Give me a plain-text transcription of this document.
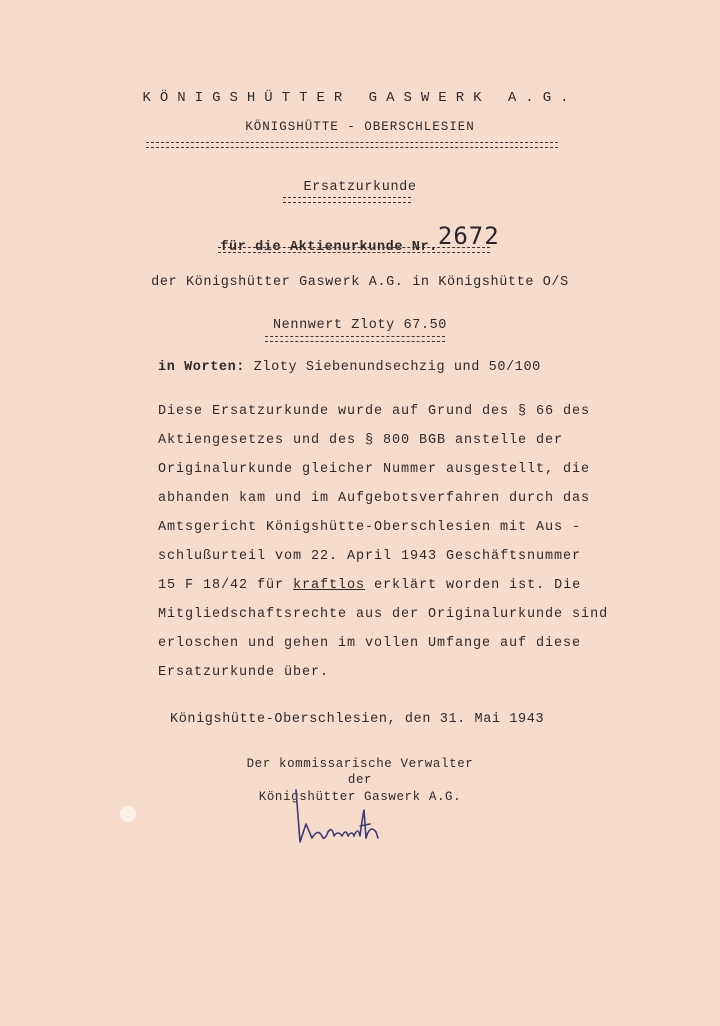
KÖNIGSHÜTTER GASWERK A.G.
KÖNIGSHÜTTE - OBERSCHLESIEN
Ersatzurkunde
für die Aktienurkunde Nr.2672
der Königshütter Gaswerk A.G. in Königshütte O/S
Nennwert Zloty 67.50
in Worten: Zloty Siebenundsechzig und 50/100
Diese Ersatzurkunde wurde auf Grund des § 66 des
Aktiengesetzes und des § 800 BGB anstelle der
Originalurkunde gleicher Nummer ausgestellt, die
abhanden kam und im Aufgebotsverfahren durch das
Amtsgericht Königshütte-Oberschlesien mit Aus -
schlußurteil vom 22. April 1943 Geschäftsnummer
15 F 18/42 für kraftlos erklärt worden ist. Die
Mitgliedschaftsrechte aus der Originalurkunde sind
erloschen und gehen im vollen Umfange auf diese
Ersatzurkunde über.
Königshütte-Oberschlesien, den 31. Mai 1943
Der kommissarische Verwalter
der
Königshütter Gaswerk A.G.
